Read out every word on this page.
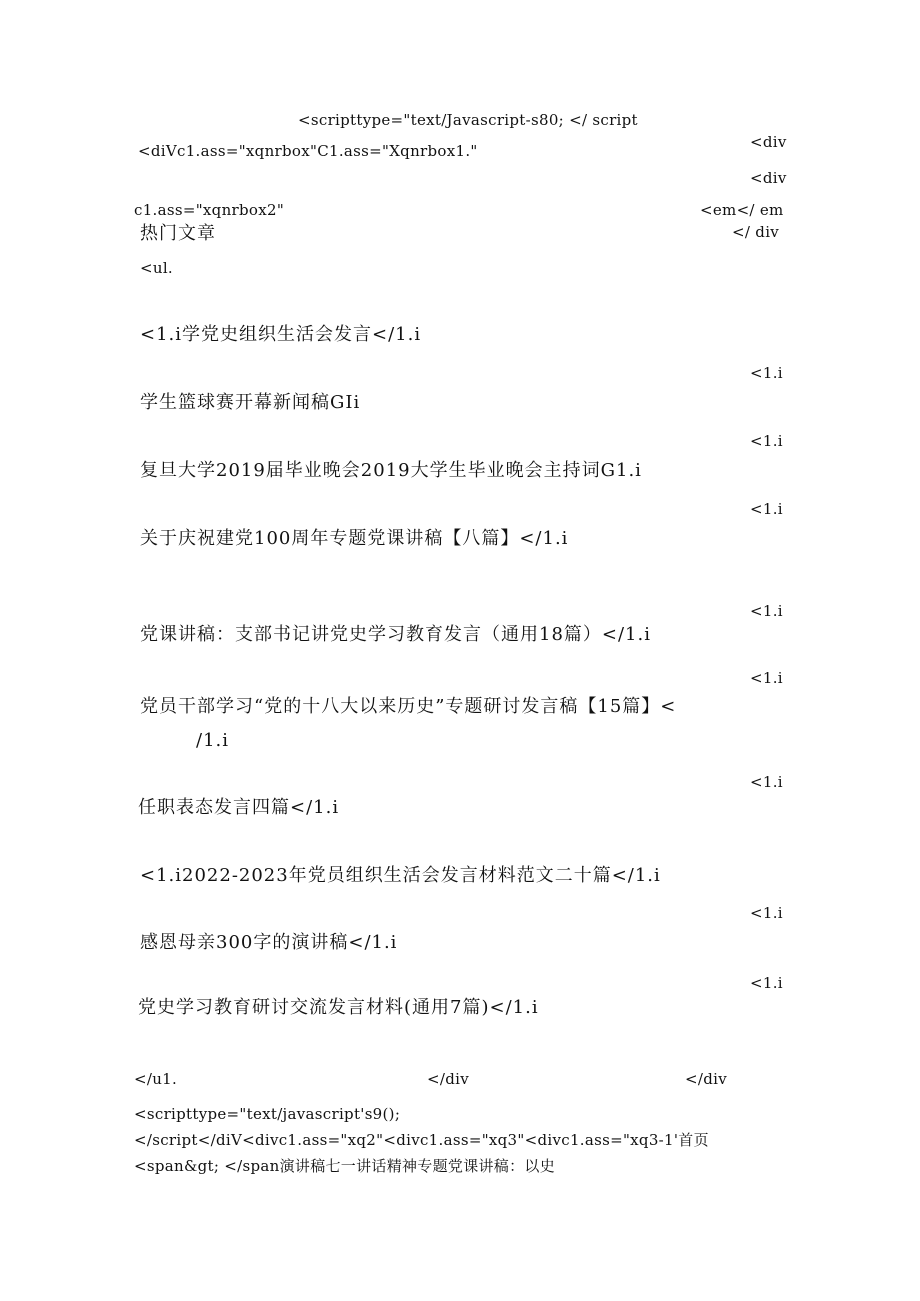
<scripttype="text/Javascript-s80; </ script
<diVc1.ass="xqnrbox"C1.ass="Xqnrbox1."	<div
<div
c1.ass="xqnrbox2"	<em</ em
热门文章	</ div
<ul.
<1.i学党史组织生活会发言</1.i
<1.i
学生篮球赛开幕新闻稿GIi
<1.i
复旦大学2019届毕业晚会2019大学生毕业晚会主持词G1.i
<1.i
关于庆祝建党100周年专题党课讲稿【八篇】</1.i
<1.i
党课讲稿：支部书记讲党史学习教育发言（通用18篇）</1.i
<1.i
党员干部学习“党的十八大以来历史”专题研讨发言稿【15篇】<
/1.i
<1.i
任职表态发言四篇</1.i
<1.i2022-2023年党员组织生活会发言材料范文二十篇</1.i
<1.i
感恩母亲300字的演讲稿</1.i
<1.i
党史学习教育研讨交流发言材料(通用7篇)</1.i
</u1.	</div	</div
<scripttype="text/javascript's9();
</script</diV<divc1.ass="xq2"<divc1.ass="xq3"<divc1.ass="xq3-1'首页
<span&gt; </span演讲稿七一讲话精神专题党课讲稿：以史
